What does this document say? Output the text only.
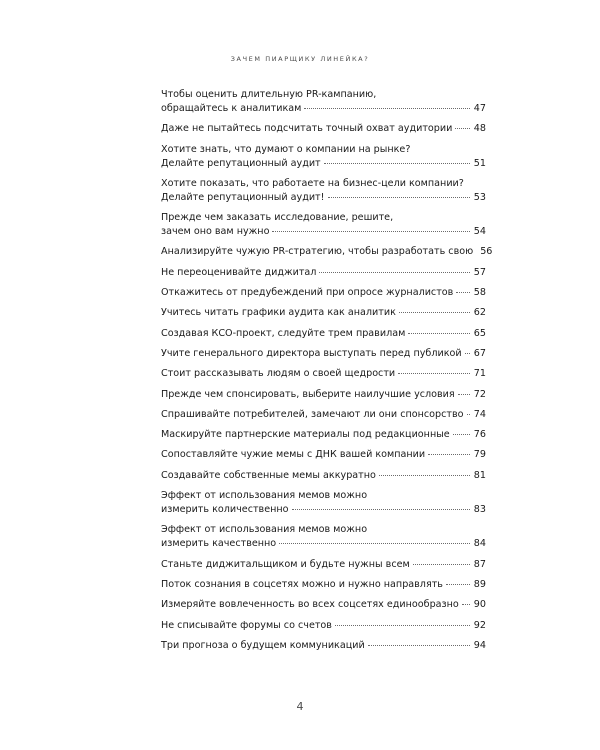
ЗАЧЕМ ПИАРЩИКУ ЛИНЕЙКА?
Чтобы оценить длительную PR-кампанию,
обращайтесь к аналитикам	47
Даже не пытайтесь подсчитать точный охват аудитории 48
Хотите знать, что думают о компании на рынке?
Делайте репутационный аудит	51
Хотите показать, что работаете на бизнес-цели компании?
Делайте репутационный аудит!	53
Прежде чем заказать исследование, решите,
зачем оно вам нужно	54
Анализируйте чужую PR-стратегию, чтобы разработать свою 56
Не переоценивайте диджитал	57
Откажитесь от предубеждений при опросе журналистов 58
Учитесь читать графики аудита как аналитик	62
Создавая КСО-проект, следуйте трем правилам	65
Учите генерального директора выступать перед публикой 67
Стоит рассказывать людям о своей щедрости	71
Прежде чем спонсировать, выберите наилучшие условия 72
Спрашивайте потребителей, замечают ли они спонсорство 74
Маскируйте партнерские материалы под редакционные	76
Сопоставляйте чужие мемы с ДНК вашей компании	79
Создавайте собственные мемы аккуратно	81
Эффект от использования мемов можно
измерить количественно	83
Эффект от использования мемов можно
измерить качественно	84
Станьте диджитальщиком и будьте нужны всем	87
Поток сознания в соцсетях можно и нужно направлять	89
Измеряйте вовлеченность во всех соцсетях единообразно 90
Не списывайте форумы со счетов	92
Три прогноза о будущем коммуникаций	94
4
